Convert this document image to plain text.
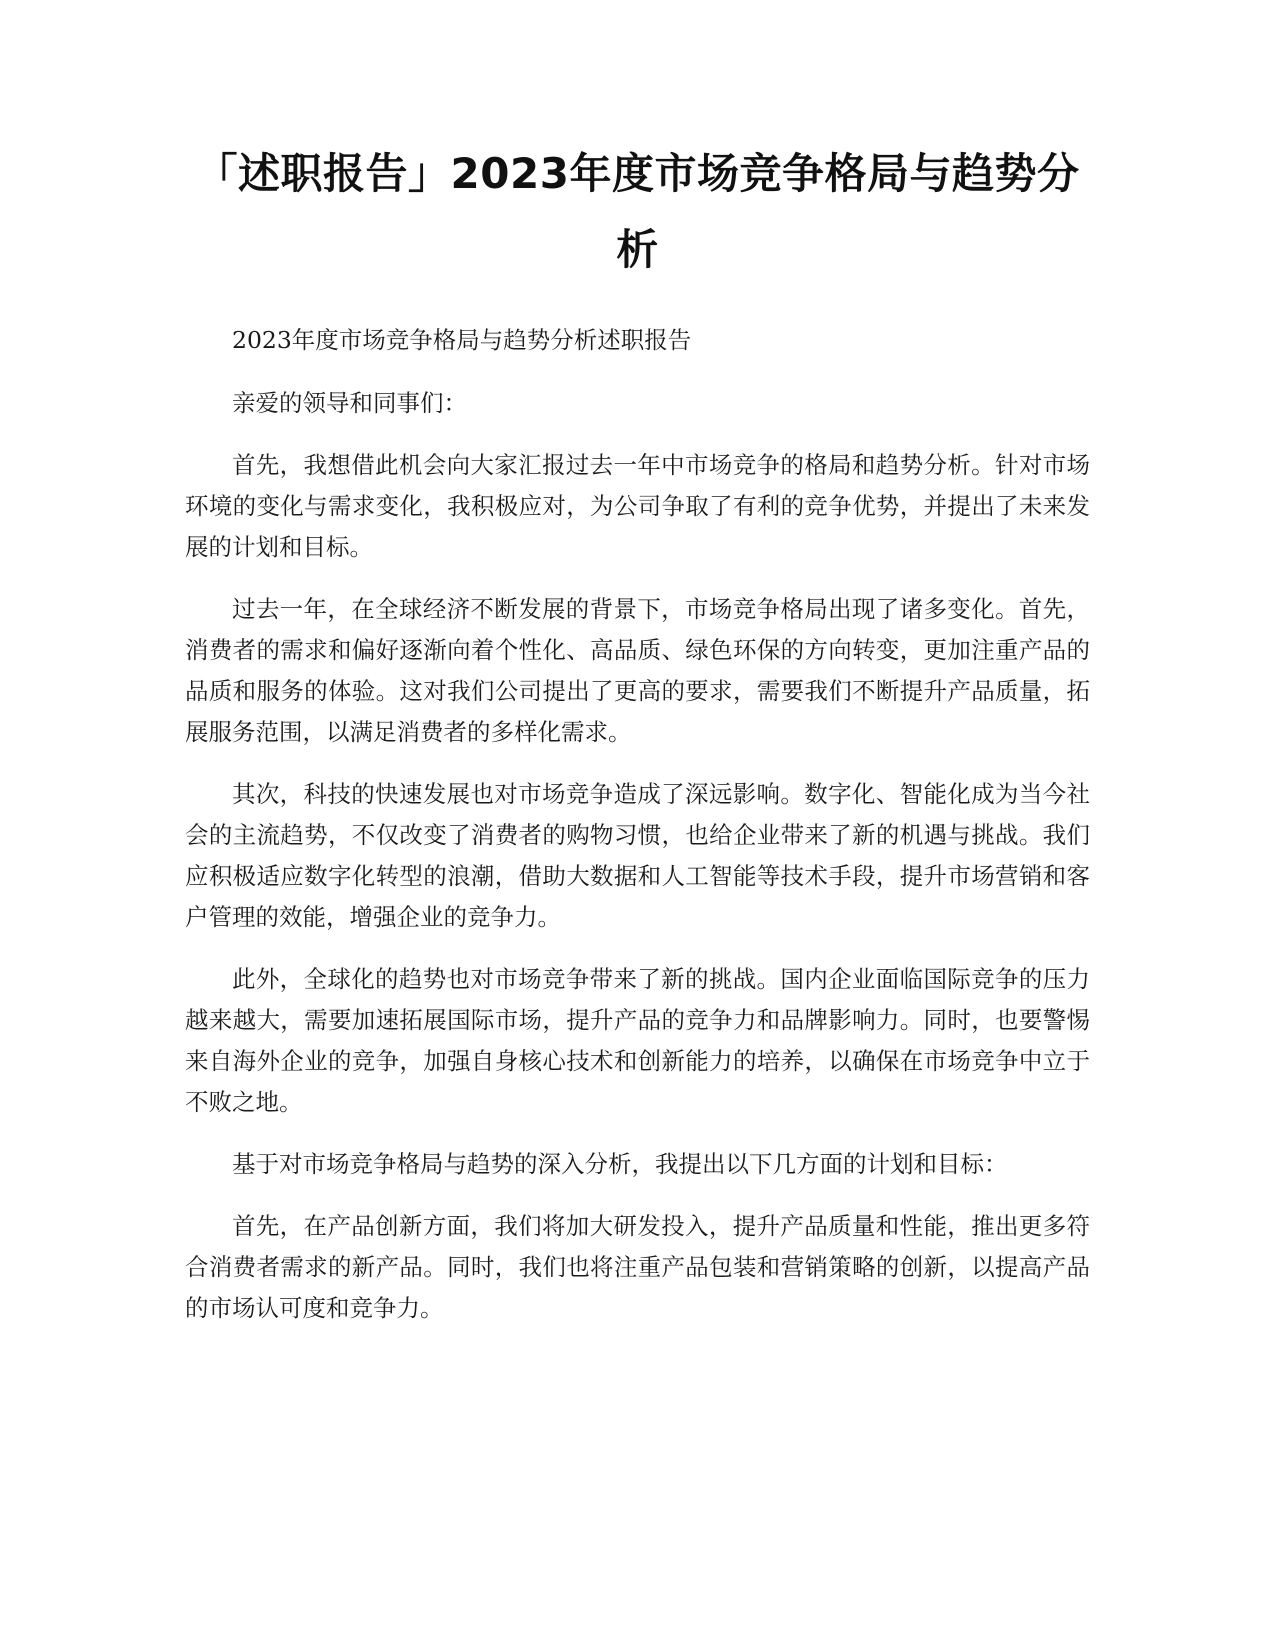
「述职报告」2023年度市场竞争格局与趋势分析

2023年度市场竞争格局与趋势分析述职报告

亲爱的领导和同事们：

首先，我想借此机会向大家汇报过去一年中市场竞争的格局和趋势分析。针对市场环境的变化与需求变化，我积极应对，为公司争取了有利的竞争优势，并提出了未来发展的计划和目标。

过去一年，在全球经济不断发展的背景下，市场竞争格局出现了诸多变化。首先，消费者的需求和偏好逐渐向着个性化、高品质、绿色环保的方向转变，更加注重产品的品质和服务的体验。这对我们公司提出了更高的要求，需要我们不断提升产品质量，拓展服务范围，以满足消费者的多样化需求。

其次，科技的快速发展也对市场竞争造成了深远影响。数字化、智能化成为当今社会的主流趋势，不仅改变了消费者的购物习惯，也给企业带来了新的机遇与挑战。我们应积极适应数字化转型的浪潮，借助大数据和人工智能等技术手段，提升市场营销和客户管理的效能，增强企业的竞争力。

此外，全球化的趋势也对市场竞争带来了新的挑战。国内企业面临国际竞争的压力越来越大，需要加速拓展国际市场，提升产品的竞争力和品牌影响力。同时，也要警惕来自海外企业的竞争，加强自身核心技术和创新能力的培养，以确保在市场竞争中立于不败之地。

基于对市场竞争格局与趋势的深入分析，我提出以下几方面的计划和目标：

首先，在产品创新方面，我们将加大研发投入，提升产品质量和性能，推出更多符合消费者需求的新产品。同时，我们也将注重产品包装和营销策略的创新，以提高产品的市场认可度和竞争力。
